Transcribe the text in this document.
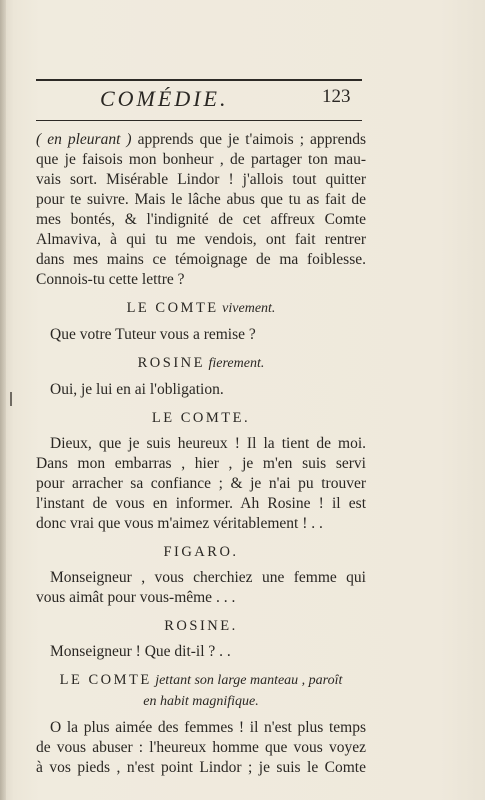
COMÉDIE.	123
( en pleurant ) apprends que je t'aimois ; apprends
que je faisois mon bonheur , de partager ton mau-
vais sort. Misérable Lindor ! j'allois tout quitter
pour te suivre. Mais le lâche abus que tu as fait de
mes bontés, & l'indignité de cet affreux Comte
Almaviva, à qui tu me vendois, ont fait rentrer
dans mes mains ce témoignage de ma foiblesse.
Connois-tu cette lettre ?
LE COMTE vivement.
Que votre Tuteur vous a remise ?
ROSINE fierement.
Oui, je lui en ai l'obligation.
LE COMTE.
Dieux, que je suis heureux ! Il la tient de moi.
Dans mon embarras , hier , je m'en suis servi
pour arracher sa confiance ; & je n'ai pu trouver
l'instant de vous en informer. Ah Rosine ! il est
donc vrai que vous m'aimez véritablement ! . .
FIGARO.
Monseigneur , vous cherchiez une femme qui
vous aimât pour vous-même . . .
ROSINE.
Monseigneur ! Que dit-il ? . .
LE COMTE jettant son large manteau , paroît
en habit magnifique.
O la plus aimée des femmes ! il n'est plus temps
de vous abuser : l'heureux homme que vous voyez
à vos pieds , n'est point Lindor ; je suis le Comte
